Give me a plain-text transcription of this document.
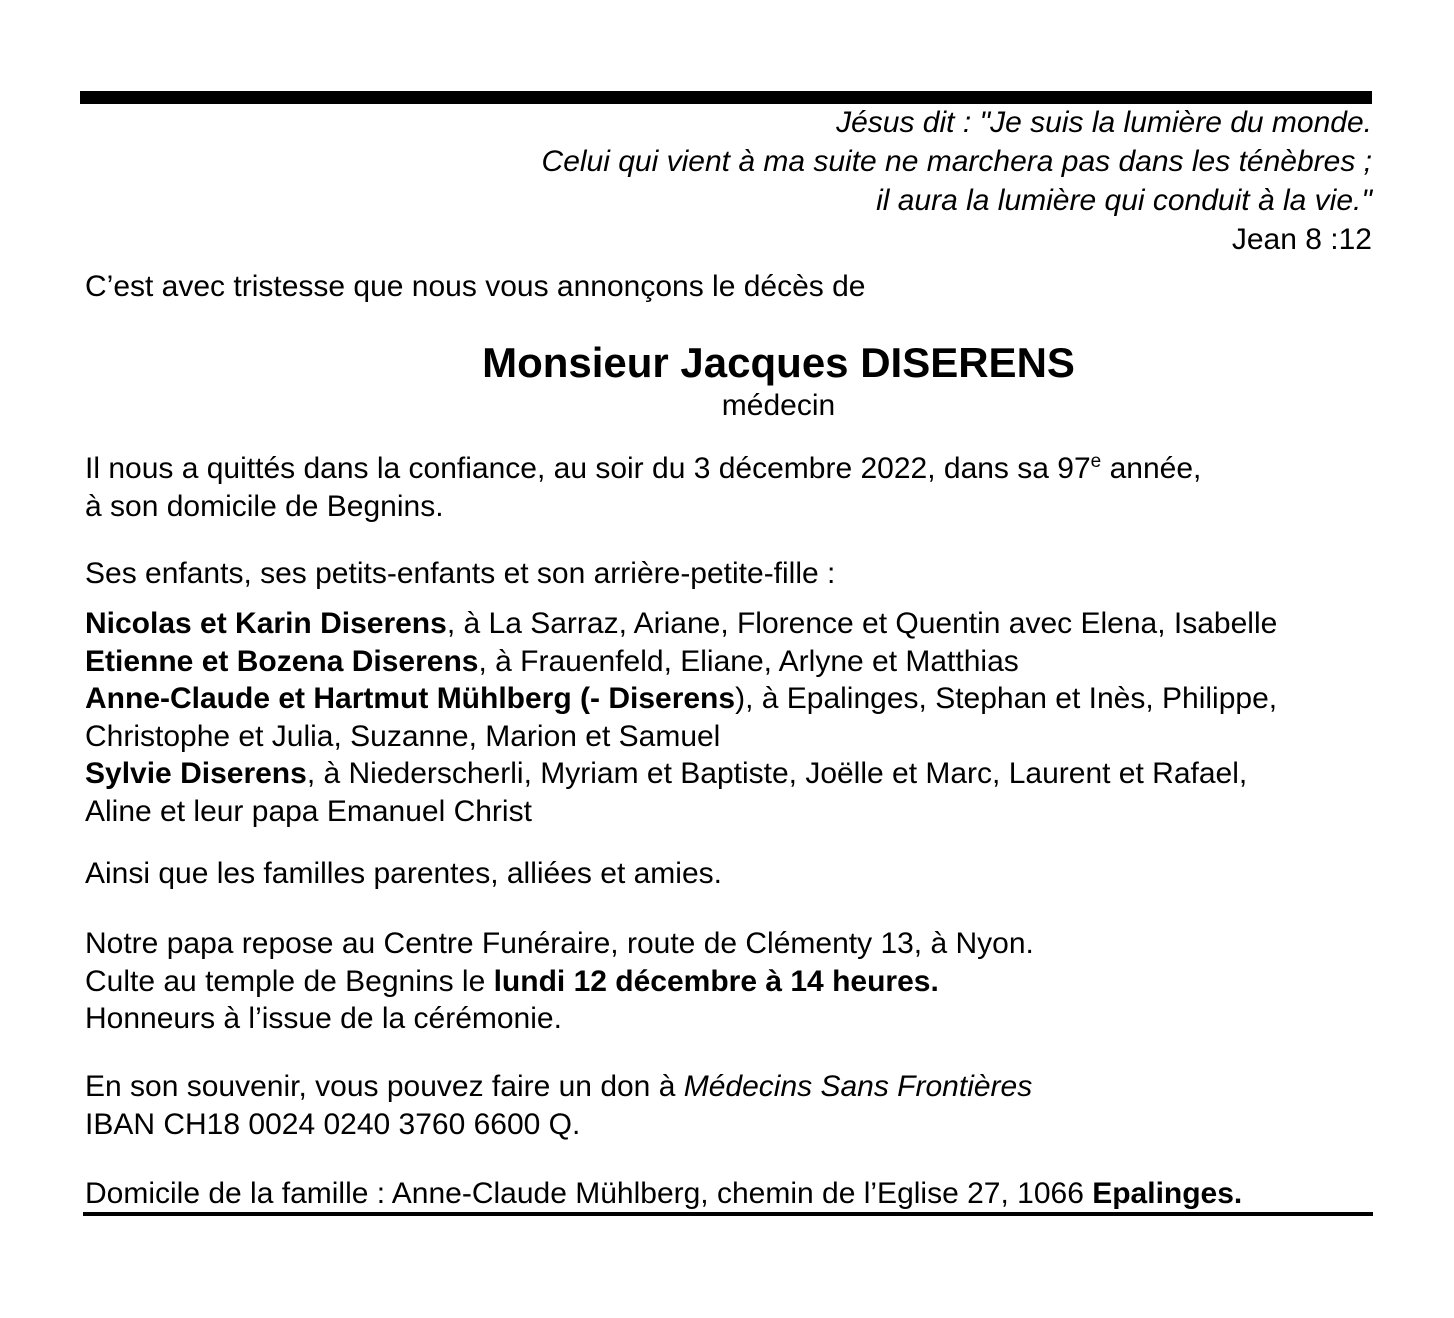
Jésus dit : "Je suis la lumière du monde.
Celui qui vient à ma suite ne marchera pas dans les ténèbres ;
il aura la lumière qui conduit à la vie."
Jean 8 :12
C’est avec tristesse que nous vous annonçons le décès de
Monsieur Jacques DISERENS
médecin
Il nous a quittés dans la confiance, au soir du 3 décembre 2022, dans sa 97e année,
à son domicile de Begnins.
Ses enfants, ses petits-enfants et son arrière-petite-fille :
Nicolas et Karin Diserens, à La Sarraz, Ariane, Florence et Quentin avec Elena, Isabelle
Etienne et Bozena Diserens, à Frauenfeld, Eliane, Arlyne et Matthias
Anne-Claude et Hartmut Mühlberg (- Diserens), à Epalinges, Stephan et Inès, Philippe,
Christophe et Julia, Suzanne, Marion et Samuel
Sylvie Diserens, à Niederscherli, Myriam et Baptiste, Joëlle et Marc, Laurent et Rafael,
Aline et leur papa Emanuel Christ
Ainsi que les familles parentes, alliées et amies.
Notre papa repose au Centre Funéraire, route de Clémenty 13, à Nyon.
Culte au temple de Begnins le lundi 12 décembre à 14 heures.
Honneurs à l’issue de la cérémonie.
En son souvenir, vous pouvez faire un don à Médecins Sans Frontières
IBAN CH18 0024 0240 3760 6600 Q.
Domicile de la famille : Anne-Claude Mühlberg, chemin de l’Eglise 27, 1066 Epalinges.
